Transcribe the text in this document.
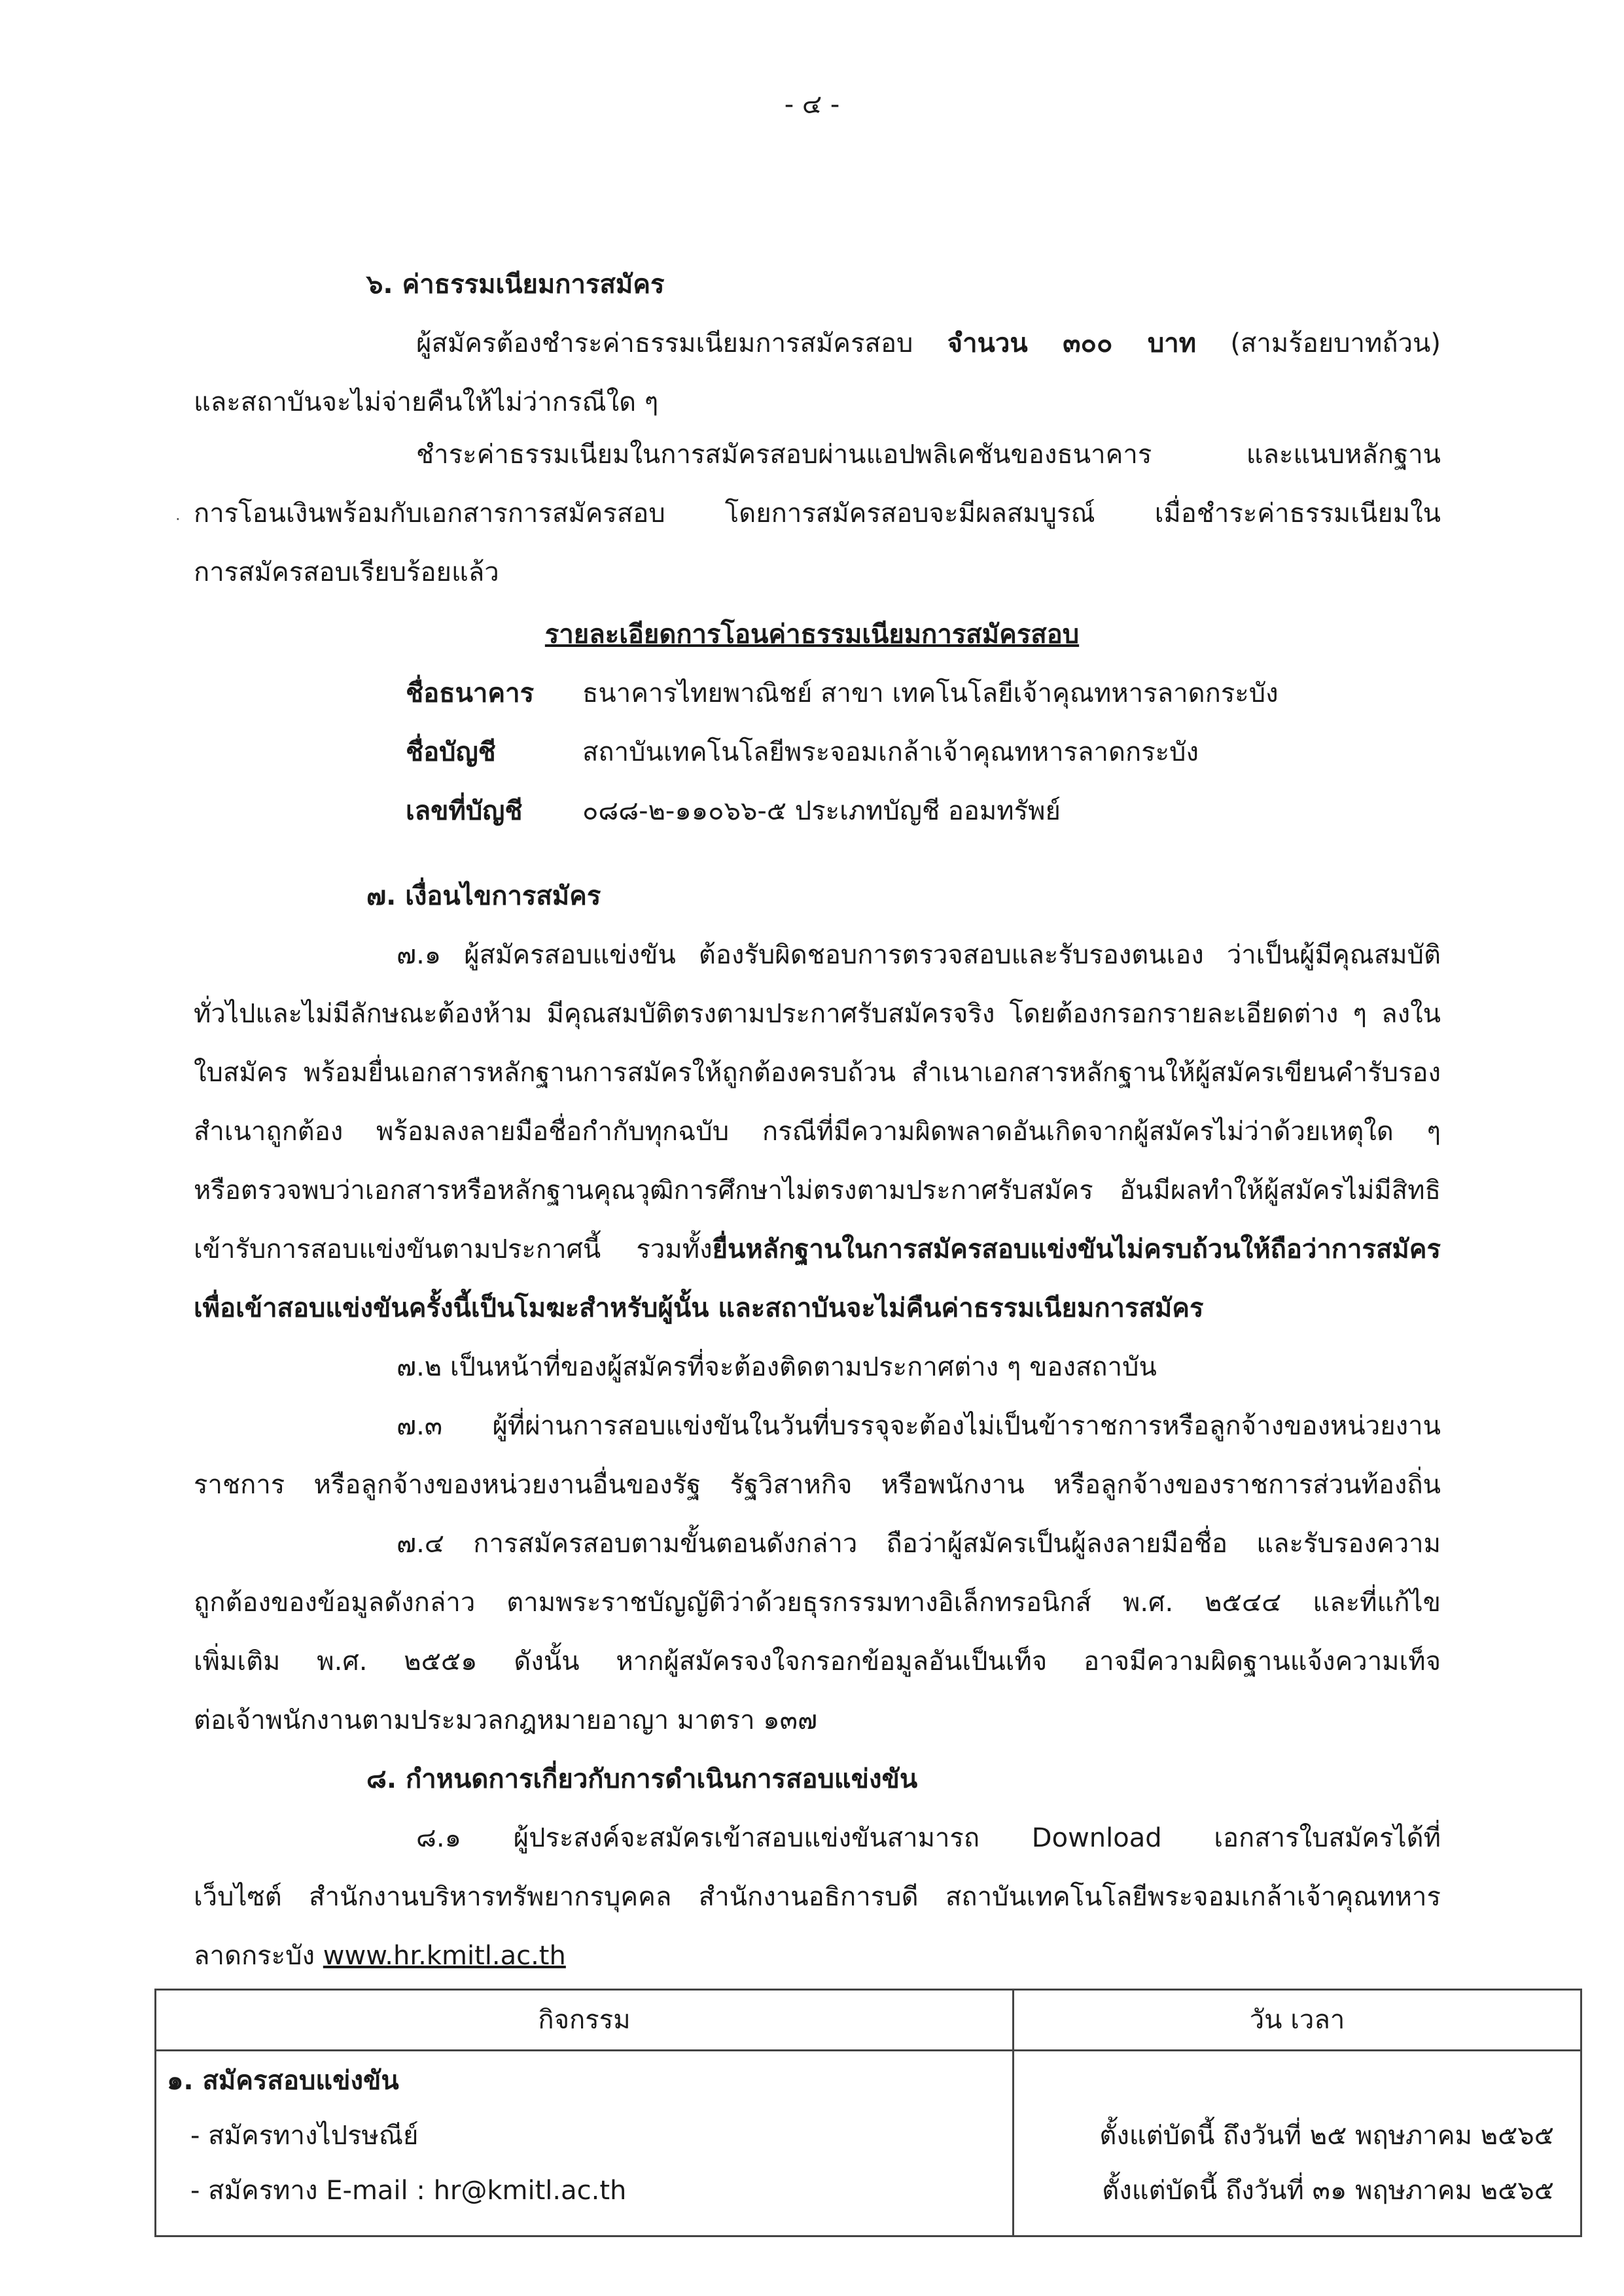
- ๔ -
๖. ค่าธรรมเนียมการสมัคร
ผู้สมัครต้องชำระค่าธรรมเนียมการสมัครสอบ จำนวน ๓๐๐ บาท (สามร้อยบาทถ้วน)
และสถาบันจะไม่จ่ายคืนให้ไม่ว่ากรณีใด ๆ
ชำระค่าธรรมเนียมในการสมัครสอบผ่านแอปพลิเคชันของธนาคาร และแนบหลักฐาน
การโอนเงินพร้อมกับเอกสารการสมัครสอบ โดยการสมัครสอบจะมีผลสมบูรณ์ เมื่อชำระค่าธรรมเนียมใน
การสมัครสอบเรียบร้อยแล้ว
.
รายละเอียดการโอนค่าธรรมเนียมการสมัครสอบ
ชื่อธนาคาร ธนาคารไทยพาณิชย์ สาขา เทคโนโลยีเจ้าคุณทหารลาดกระบัง
ชื่อบัญชี	สถาบันเทคโนโลยีพระจอมเกล้าเจ้าคุณทหารลาดกระบัง
เลขที่บัญชี ๐๘๘-๒-๑๑๐๖๖-๕ ประเภทบัญชี ออมทรัพย์
๗. เงื่อนไขการสมัคร
๗.๑ ผู้สมัครสอบแข่งขัน ต้องรับผิดชอบการตรวจสอบและรับรองตนเอง ว่าเป็นผู้มีคุณสมบัติ
ทั่วไปและไม่มีลักษณะต้องห้าม มีคุณสมบัติตรงตามประกาศรับสมัครจริง โดยต้องกรอกรายละเอียดต่าง ๆ ลงใน
ใบสมัคร พร้อมยื่นเอกสารหลักฐานการสมัครให้ถูกต้องครบถ้วน สำเนาเอกสารหลักฐานให้ผู้สมัครเขียนคำรับรอง
สำเนาถูกต้อง พร้อมลงลายมือชื่อกำกับทุกฉบับ กรณีที่มีความผิดพลาดอันเกิดจากผู้สมัครไม่ว่าด้วยเหตุใด ๆ
หรือตรวจพบว่าเอกสารหรือหลักฐานคุณวุฒิการศึกษาไม่ตรงตามประกาศรับสมัคร อันมีผลทำให้ผู้สมัครไม่มีสิทธิ
เข้ารับการสอบแข่งขันตามประกาศนี้ รวมทั้งยื่นหลักฐานในการสมัครสอบแข่งขันไม่ครบถ้วนให้ถือว่าการสมัคร
เพื่อเข้าสอบแข่งขันครั้งนี้เป็นโมฆะสำหรับผู้นั้น และสถาบันจะไม่คืนค่าธรรมเนียมการสมัคร
๗.๒ เป็นหน้าที่ของผู้สมัครที่จะต้องติดตามประกาศต่าง ๆ ของสถาบัน
๗.๓ ผู้ที่ผ่านการสอบแข่งขันในวันที่บรรจุจะต้องไม่เป็นข้าราชการหรือลูกจ้างของหน่วยงาน
ราชการ หรือลูกจ้างของหน่วยงานอื่นของรัฐ รัฐวิสาหกิจ หรือพนักงาน หรือลูกจ้างของราชการส่วนท้องถิ่น
๗.๔ การสมัครสอบตามขั้นตอนดังกล่าว ถือว่าผู้สมัครเป็นผู้ลงลายมือชื่อ และรับรองความ
ถูกต้องของข้อมูลดังกล่าว ตามพระราชบัญญัติว่าด้วยธุรกรรมทางอิเล็กทรอนิกส์ พ.ศ. ๒๕๔๔ และที่แก้ไข
เพิ่มเติม พ.ศ. ๒๕๕๑ ดังนั้น หากผู้สมัครจงใจกรอกข้อมูลอันเป็นเท็จ อาจมีความผิดฐานแจ้งความเท็จ
ต่อเจ้าพนักงานตามประมวลกฎหมายอาญา มาตรา ๑๓๗
๘. กำหนดการเกี่ยวกับการดำเนินการสอบแข่งขัน
๘.๑ ผู้ประสงค์จะสมัครเข้าสอบแข่งขันสามารถ Download เอกสารใบสมัครได้ที่
เว็บไซต์ สำนักงานบริหารทรัพยากรบุคคล สำนักงานอธิการบดี สถาบันเทคโนโลยีพระจอมเกล้าเจ้าคุณทหาร
ลาดกระบัง www.hr.kmitl.ac.th
กิจกรรม	วัน เวลา
๑. สมัครสอบแข่งขัน
- สมัครทางไปรษณีย์	ตั้งแต่บัดนี้ ถึงวันที่ ๒๕ พฤษภาคม ๒๕๖๕
- สมัครทาง E-mail : hr@kmitl.ac.th	ตั้งแต่บัดนี้ ถึงวันที่ ๓๑ พฤษภาคม ๒๕๖๕
